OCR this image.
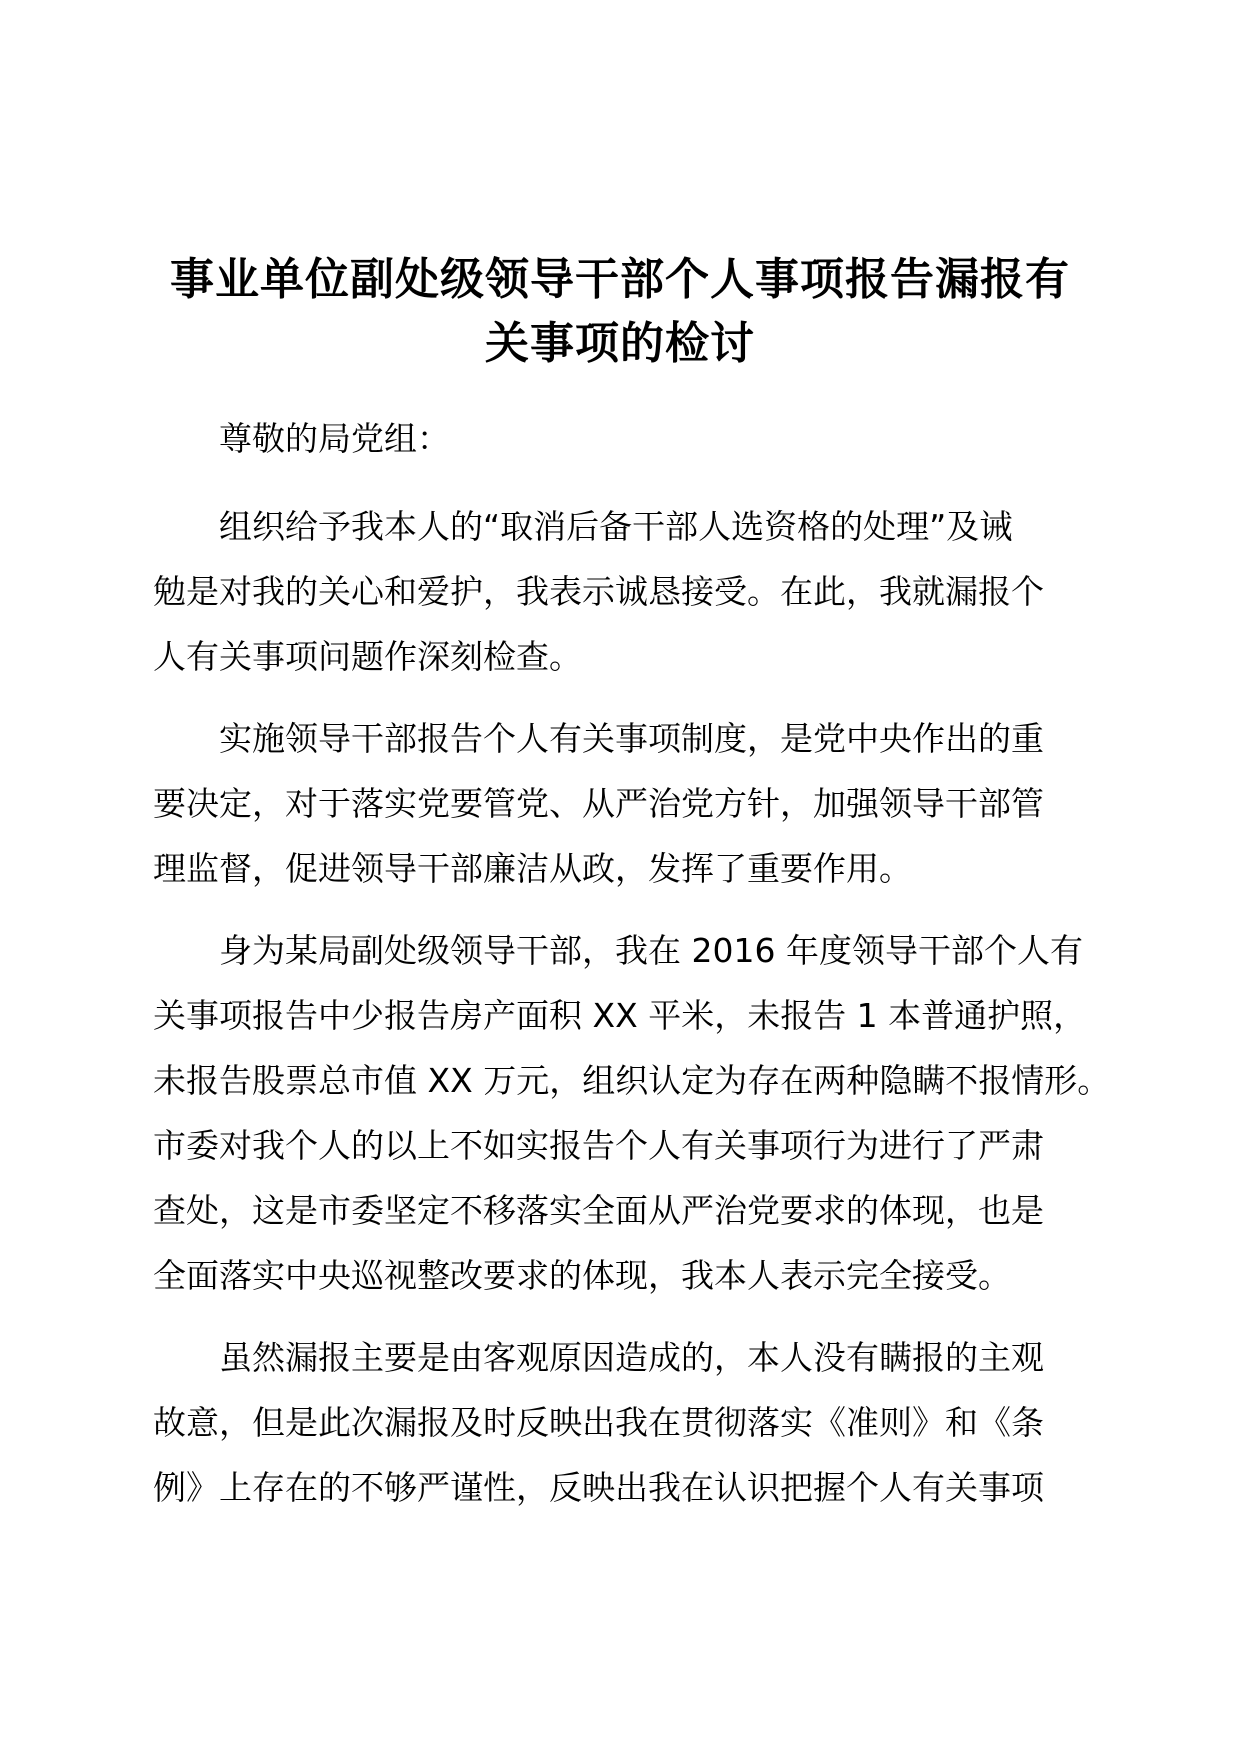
事业单位副处级领导干部个人事项报告漏报有
关事项的检讨
尊敬的局党组：
组织给予我本人的“取消后备干部人选资格的处理”及诫
勉是对我的关心和爱护，我表示诚恳接受。在此，我就漏报个
人有关事项问题作深刻检查。
实施领导干部报告个人有关事项制度，是党中央作出的重
要决定，对于落实党要管党、从严治党方针，加强领导干部管
理监督，促进领导干部廉洁从政，发挥了重要作用。
身为某局副处级领导干部，我在 2016 年度领导干部个人有
关事项报告中少报告房产面积 XX 平米，未报告 1 本普通护照，
未报告股票总市值 XX 万元，组织认定为存在两种隐瞒不报情形。
市委对我个人的以上不如实报告个人有关事项行为进行了严肃
查处，这是市委坚定不移落实全面从严治党要求的体现，也是
全面落实中央巡视整改要求的体现，我本人表示完全接受。
虽然漏报主要是由客观原因造成的，本人没有瞒报的主观
故意，但是此次漏报及时反映出我在贯彻落实《准则》和《条
例》上存在的不够严谨性，反映出我在认识把握个人有关事项
